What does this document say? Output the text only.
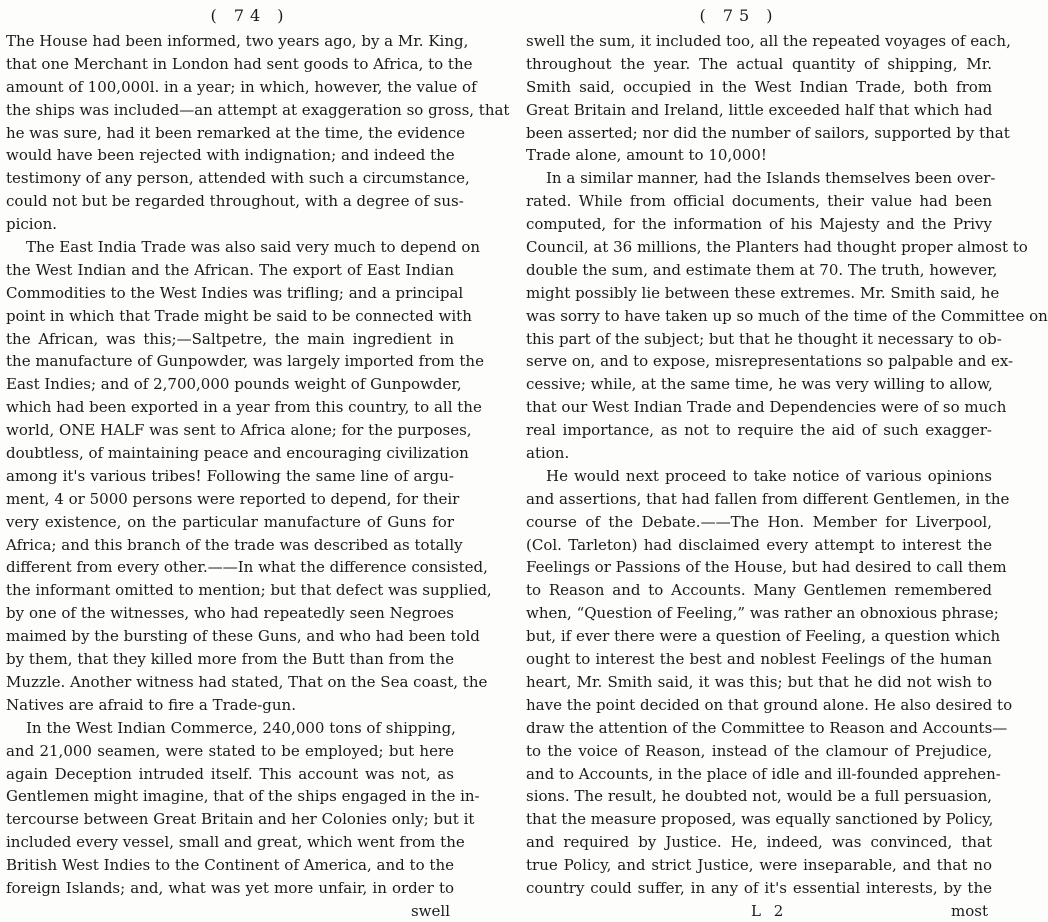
( 74 )
The House had been informed, two years ago, by a Mr. King,
that one Merchant in London had sent goods to Africa, to the
amount of 100,000l. in a year; in which, however, the value of
the ships was included—an attempt at exaggeration so gross, that
he was sure, had it been remarked at the time, the evidence
would have been rejected with indignation; and indeed the
testimony of any person, attended with such a circumstance,
could not but be regarded throughout, with a degree of sus-
picion.
The East India Trade was also said very much to depend on
the West Indian and the African. The export of East Indian
Commodities to the West Indies was trifling; and a principal
point in which that Trade might be said to be connected with
the African, was this;—Saltpetre, the main ingredient in
the manufacture of Gunpowder, was largely imported from the
East Indies; and of 2,700,000 pounds weight of Gunpowder,
which had been exported in a year from this country, to all the
world, ONE HALF was sent to Africa alone; for the purposes,
doubtless, of maintaining peace and encouraging civilization
among it's various tribes! Following the same line of argu-
ment, 4 or 5000 persons were reported to depend, for their
very existence, on the particular manufacture of Guns for
Africa; and this branch of the trade was described as totally
different from every other.——In what the difference consisted,
the informant omitted to mention; but that defect was supplied,
by one of the witnesses, who had repeatedly seen Negroes
maimed by the bursting of these Guns, and who had been told
by them, that they killed more from the Butt than from the
Muzzle. Another witness had stated, That on the Sea coast, the
Natives are afraid to fire a Trade-gun.
In the West Indian Commerce, 240,000 tons of shipping,
and 21,000 seamen, were stated to be employed; but here
again Deception intruded itself. This account was not, as
Gentlemen might imagine, that of the ships engaged in the in-
tercourse between Great Britain and her Colonies only; but it
included every vessel, small and great, which went from the
British West Indies to the Continent of America, and to the
foreign Islands; and, what was yet more unfair, in order to
swell
( 75 )
swell the sum, it included too, all the repeated voyages of each,
throughout the year. The actual quantity of shipping, Mr.
Smith said, occupied in the West Indian Trade, both from
Great Britain and Ireland, little exceeded half that which had
been asserted; nor did the number of sailors, supported by that
Trade alone, amount to 10,000!
In a similar manner, had the Islands themselves been over-
rated. While from official documents, their value had been
computed, for the information of his Majesty and the Privy
Council, at 36 millions, the Planters had thought proper almost to
double the sum, and estimate them at 70. The truth, however,
might possibly lie between these extremes. Mr. Smith said, he
was sorry to have taken up so much of the time of the Committee on
this part of the subject; but that he thought it necessary to ob-
serve on, and to expose, misrepresentations so palpable and ex-
cessive; while, at the same time, he was very willing to allow,
that our West Indian Trade and Dependencies were of so much
real importance, as not to require the aid of such exagger-
ation.
He would next proceed to take notice of various opinions
and assertions, that had fallen from different Gentlemen, in the
course of the Debate.——The Hon. Member for Liverpool,
(Col. Tarleton) had disclaimed every attempt to interest the
Feelings or Passions of the House, but had desired to call them
to Reason and to Accounts. Many Gentlemen remembered
when, “Question of Feeling,” was rather an obnoxious phrase;
but, if ever there were a question of Feeling, a question which
ought to interest the best and noblest Feelings of the human
heart, Mr. Smith said, it was this; but that he did not wish to
have the point decided on that ground alone. He also desired to
draw the attention of the Committee to Reason and Accounts—
to the voice of Reason, instead of the clamour of Prejudice,
and to Accounts, in the place of idle and ill-founded apprehen-
sions. The result, he doubted not, would be a full persuasion,
that the measure proposed, was equally sanctioned by Policy,
and required by Justice. He, indeed, was convinced, that
true Policy, and strict Justice, were inseparable, and that no
country could suffer, in any of it's essential interests, by the
L 2	most
